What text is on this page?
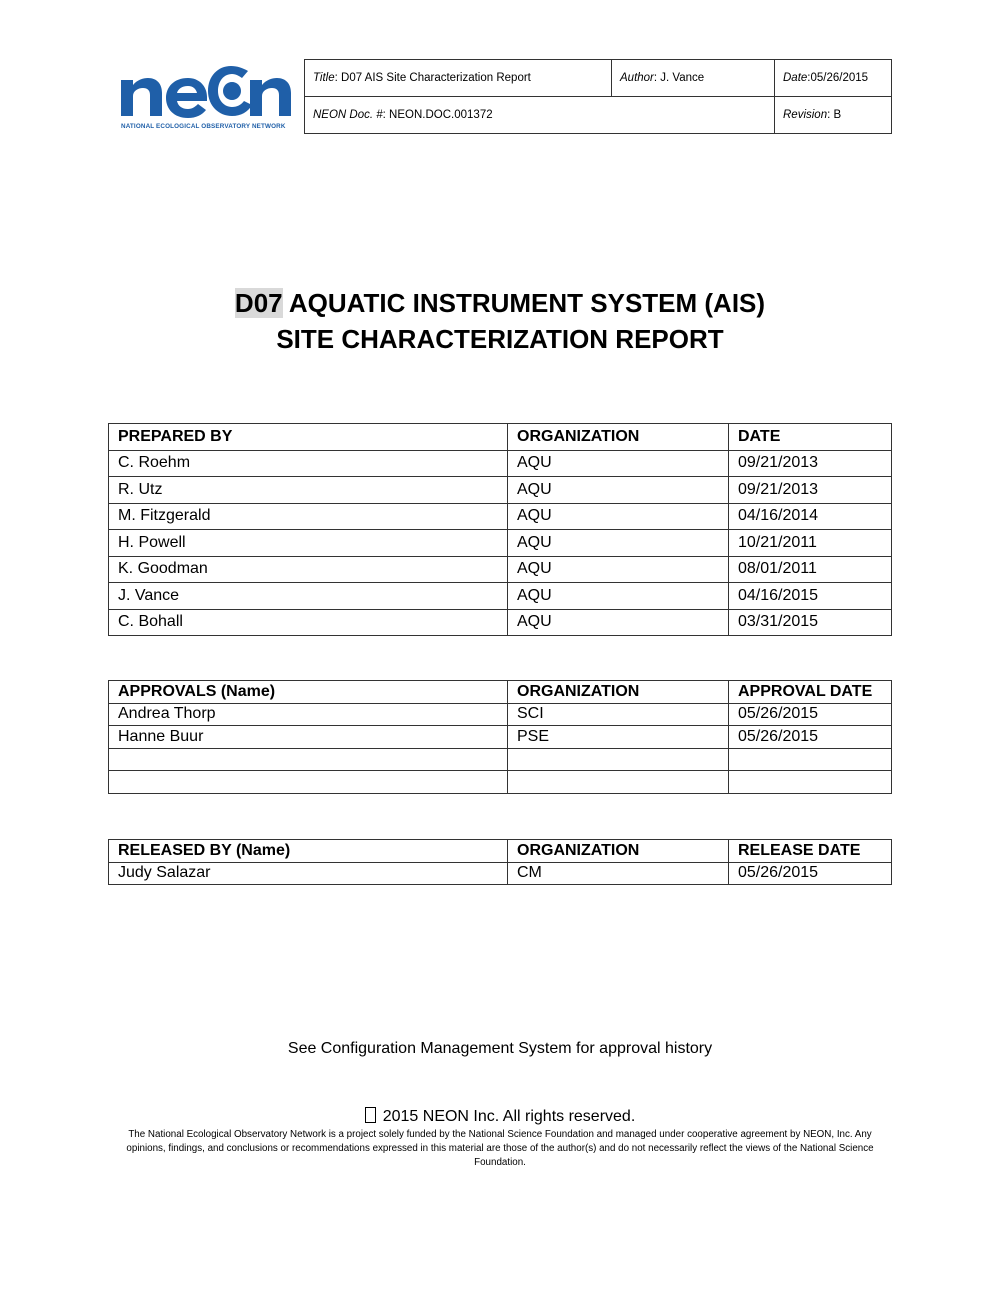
NATIONAL ECOLOGICAL OBSERVATORY NETWORK
Title: D07 AIS Site Characterization Report	Author: J. Vance	Date:05/26/2015
NEON Doc. #: NEON.DOC.001372		Revision: B
D07 AQUATIC INSTRUMENT SYSTEM (AIS)
SITE CHARACTERIZATION REPORT
PREPARED BY	ORGANIZATION	DATE
C. Roehm	AQU	09/21/2013
R. Utz	AQU	09/21/2013
M. Fitzgerald	AQU	04/16/2014
H. Powell	AQU	10/21/2011
K. Goodman	AQU	08/01/2011
J. Vance	AQU	04/16/2015
C. Bohall	AQU	03/31/2015
APPROVALS (Name)	ORGANIZATION	APPROVAL DATE
Andrea Thorp	SCI	05/26/2015
Hanne Buur	PSE	05/26/2015

RELEASED BY (Name)	ORGANIZATION	RELEASE DATE
Judy Salazar	CM	05/26/2015
See Configuration Management System for approval history
2015 NEON Inc. All rights reserved.
The National Ecological Observatory Network is a project solely funded by the National Science Foundation and managed under cooperative agreement by NEON, Inc. Any opinions, findings, and conclusions or recommendations expressed in this material are those of the author(s) and do not necessarily reflect the views of the National Science Foundation.
